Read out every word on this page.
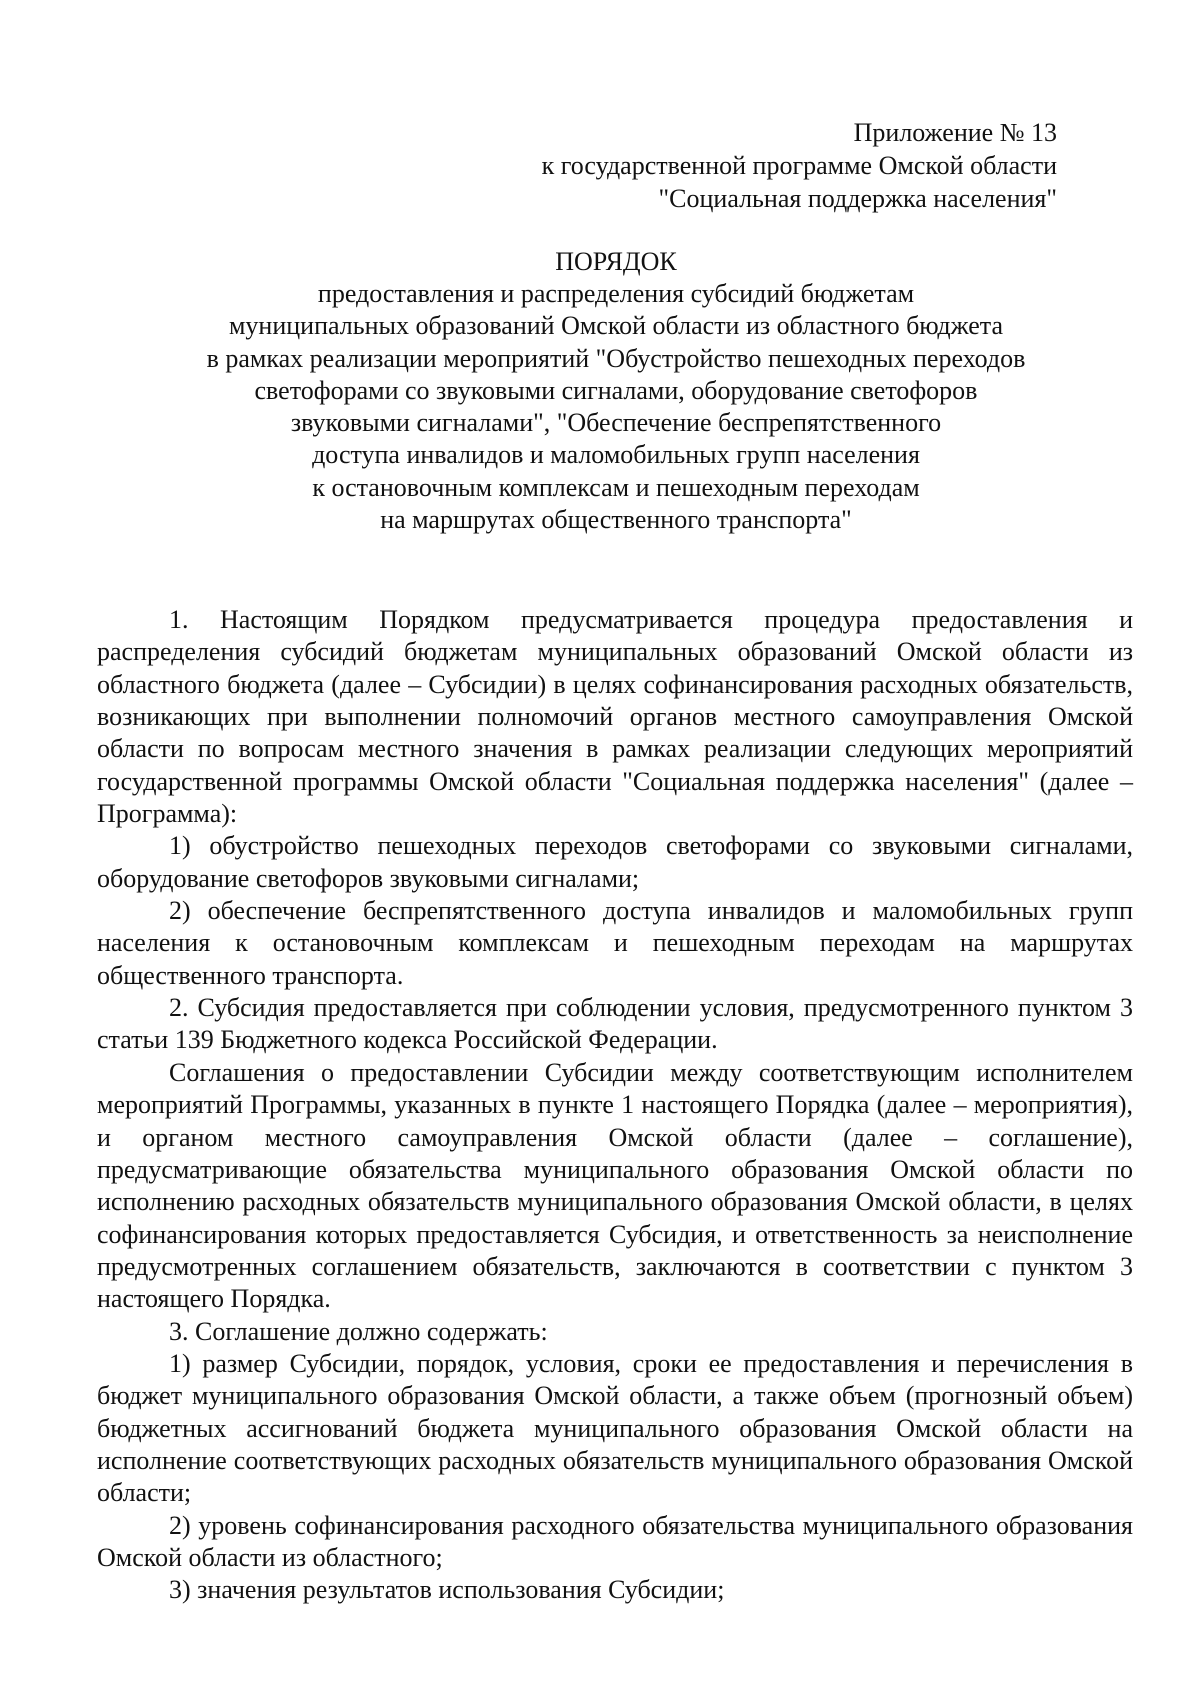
Приложение № 13
к государственной программе Омской области
"Социальная поддержка населения"
ПОРЯДОК
предоставления и распределения субсидий бюджетам
муниципальных образований Омской области из областного бюджета
в рамках реализации мероприятий "Обустройство пешеходных переходов
светофорами со звуковыми сигналами, оборудование светофоров
звуковыми сигналами", "Обеспечение беспрепятственного
доступа инвалидов и маломобильных групп населения
к остановочным комплексам и пешеходным переходам
на маршрутах общественного транспорта"

1. Настоящим Порядком предусматривается процедура предоставления и распределения субсидий бюджетам муниципальных образований Омской области из областного бюджета (далее – Субсидии) в целях софинансирования расходных обязательств, возникающих при выполнении полномочий органов местного самоуправления Омской области по вопросам местного значения в рамках реализации следующих мероприятий государственной программы Омской области "Социальная поддержка населения" (далее – Программа):

1) обустройство пешеходных переходов светофорами со звуковыми сигналами, оборудование светофоров звуковыми сигналами;

2) обеспечение беспрепятственного доступа инвалидов и маломобильных групп населения к остановочным комплексам и пешеходным переходам на маршрутах общественного транспорта.

2. Субсидия предоставляется при соблюдении условия, предусмотренного пунктом 3 статьи 139 Бюджетного кодекса Российской Федерации.

Соглашения о предоставлении Субсидии между соответствующим исполнителем мероприятий Программы, указанных в пункте 1 настоящего Порядка (далее – мероприятия), и органом местного самоуправления Омской области (далее – соглашение), предусматривающие обязательства муниципального образования Омской области по исполнению расходных обязательств муниципального образования Омской области, в целях софинансирования которых предоставляется Субсидия, и ответственность за неисполнение предусмотренных соглашением обязательств, заключаются в соответствии с пунктом 3 настоящего Порядка.

3. Соглашение должно содержать:

1) размер Субсидии, порядок, условия, сроки ее предоставления и перечисления в бюджет муниципального образования Омской области, а также объем (прогнозный объем) бюджетных ассигнований бюджета муниципального образования Омской области на исполнение соответствующих расходных обязательств муниципального образования Омской области;

2) уровень софинансирования расходного обязательства муниципального образования Омской области из областного;

3) значения результатов использования Субсидии;
